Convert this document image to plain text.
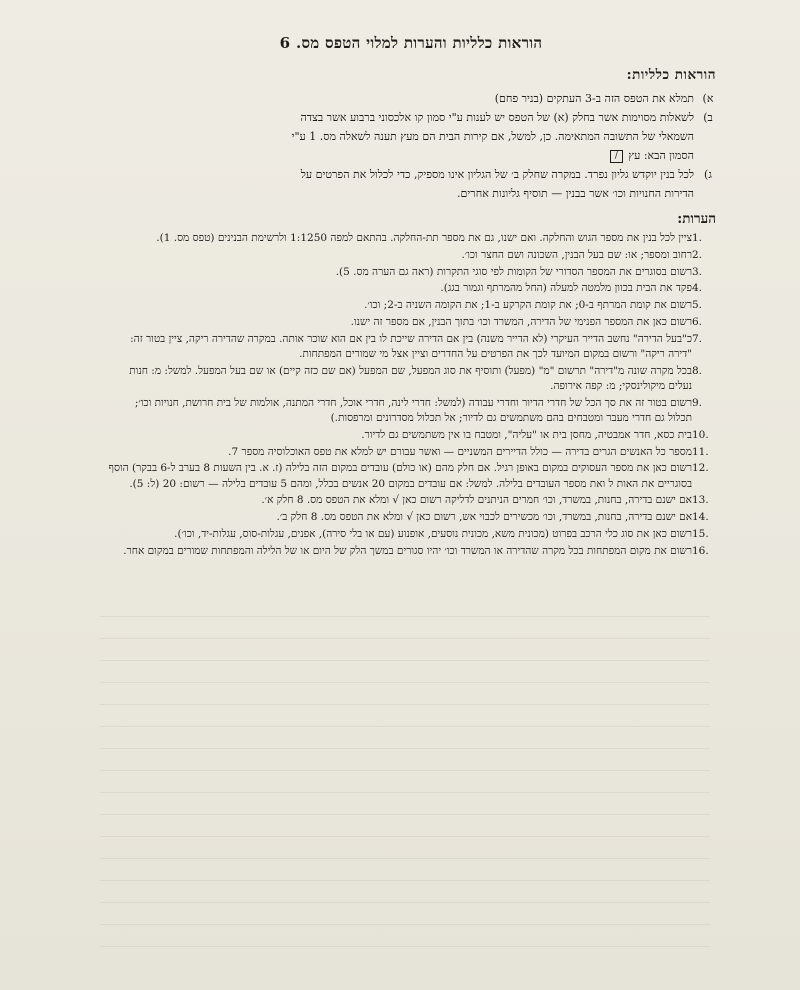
הוראות כלליות והערות למלוי הטפס מס. 6
הוראות כלליות:
א)
תמלא את הטפס הזה ב-3 העתקים (בניר פחם)
ב)
לשאלות מסוימות אשר בחלק (א) של הטפס יש לענות ע"י סמון קו אלכסוני ברבוע אשר בצדה השמאלי של התשובה המתאימה. כן, למשל, אם קירות הבית הם מעץ תענה לשאלה מס. 1 ע"י הסמון הבא: עץ /
ג)
לכל בנין יוקדש גליון נפרד. במקרה שחלק ב׳ של הגליון אינו מספיק, כדי לכלול את הפרטים על הדירות החנויות וכו׳ אשר בבנין — תוסיף גליונות אחרים.
הערות:
1.
ציין לכל בנין את מספר הגוש והחלקה. ואם ישנו, גם את מספר תת-החלקה. בהתאם למפה 1:1250 ולרשימת הבנינים (טפס מס. 1).
2.
רחוב ומספר; או: שם בעל הבנין, השכונה ושם החצר וכו׳.
3.
רשום בסוגרים את המספר הסדורי של הקומות לפי סוגי התקרות (ראה גם הערה מס. 5).
4.
פקד את הבית בכוון מלמטה למעלה (החל מהמרתף וגמור בגג).
5.
רשום את קומת המרתף ב-0; את קומת הקרקע ב-1; את הקומה השניה ב-2; וכו׳.
6.
רשום כאן את המספר הפנימי של הדירה, המשרד וכו׳ בתוך הבנין, אם מספר זה ישנו.
7.
כ"בעל הדירה" נחשב הדייר העיקרי (לא הדייר משנה) בין אם הדירה שייכת לו בין אם הוא שוכר אותה. במקרה שהדירה ריקה, ציין בטור זה: "דירה ריקה" ורשום במקום המיועד לכך את הפרטים על החדרים וציין אצל מי שמורים המפתחות.
8.
בכל מקרה שונה מ"דירה" תרשום "מ" (מפעל) ותוסיף את סוג המפעל, שם המפעל (אם שם כזה קיים) או שם בעל המפעל. למשל: מ: חנות נעלים מיקולינסקי; מ: קפה אירופה.
9.
רשום בטור זה את סך הכל של חדרי הדיור וחדרי עבודה (למשל: חדרי לינה, חדרי אוכל, חדרי המתנה, אולמות של בית חרושת, חנויות וכו׳; תכלול גם חדרי מעבר ומטבחים בהם משתמשים גם לדיור; אל תכלול מסדרונים ומרפסות.)
10.
בית כסא, חדר אמבטיה, מחסן בית או "עליה", ומטבח בו אין משתמשים גם לדיור.
11.
מספר כל האנשים הגרים בדירה — כולל הדיירים המשניים — ואשר עבורם יש למלא את טפס האוכלוסיה מספר 7.
12.
רשום כאן את מספר העסוקים במקום באופן רגיל. אם חלק מהם (או כולם) עובדים במקום הזה בלילה (ז. א. בין השעות 8 בערב ל-6 בבקר) הוסף בסוגריים את האות ל ואת מספר העובדים בלילה. למשל: אם עובדים במקום 20 אנשים בכלל, ומהם 5 עובדים בלילה — רשום: 20 (ל: 5).
13.
אם ישנם בדירה, בחנות, במשרד, וכו׳ חמרים הניתנים לדליקה רשום כאן √ ומלא את הטפס מס. 8 חלק א׳.
14.
אם ישנם בדירה, בחנות, במשרד, וכו׳ מכשירים לכבוי אש, רשום כאן √ ומלא את הטפס מס. 8 חלק ב׳.
15.
רשום כאן את סוג כלי הרכב בפרוט (מכונית משא, מכונית נוסעים, אופנוע (עם או בלי סירה), אפנים, עגלות-סוס, עגלות-יד, וכו׳).
16.
רשום את מקום המפתחות בכל מקרה שהדירה או המשרד וכו׳ יהיו סגורים במשך הלק של היום או של הלילה והמפתחות שמורים במקום אחר.
